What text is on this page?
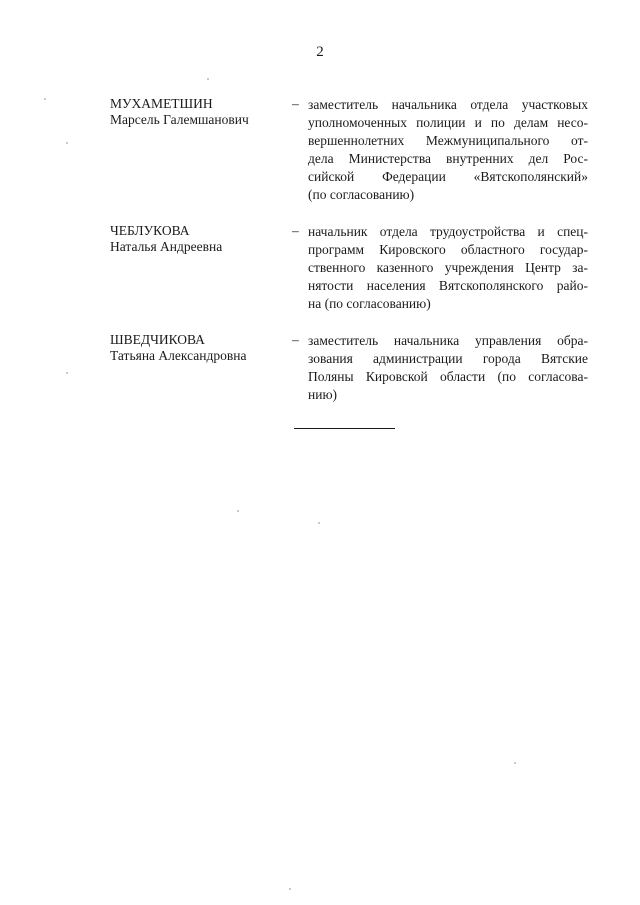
2
МУХАМЕТШИН
Марсель Галемшанович
– заместитель начальника отдела участковых
уполномоченных полиции и по делам несо-
вершеннолетних Межмуниципального от-
дела Министерства внутренних дел Рос-
сийской Федерации «Вятскополянский»
(по согласованию)
ЧЕБЛУКОВА
Наталья Андреевна
– начальник отдела трудоустройства и спец-
программ Кировского областного государ-
ственного казенного учреждения Центр за-
нятости населения Вятскополянского райо-
на (по согласованию)
ШВЕДЧИКОВА
Татьяна Александровна
– заместитель начальника управления обра-
зования администрации города Вятские
Поляны Кировской области (по согласова-
нию)
